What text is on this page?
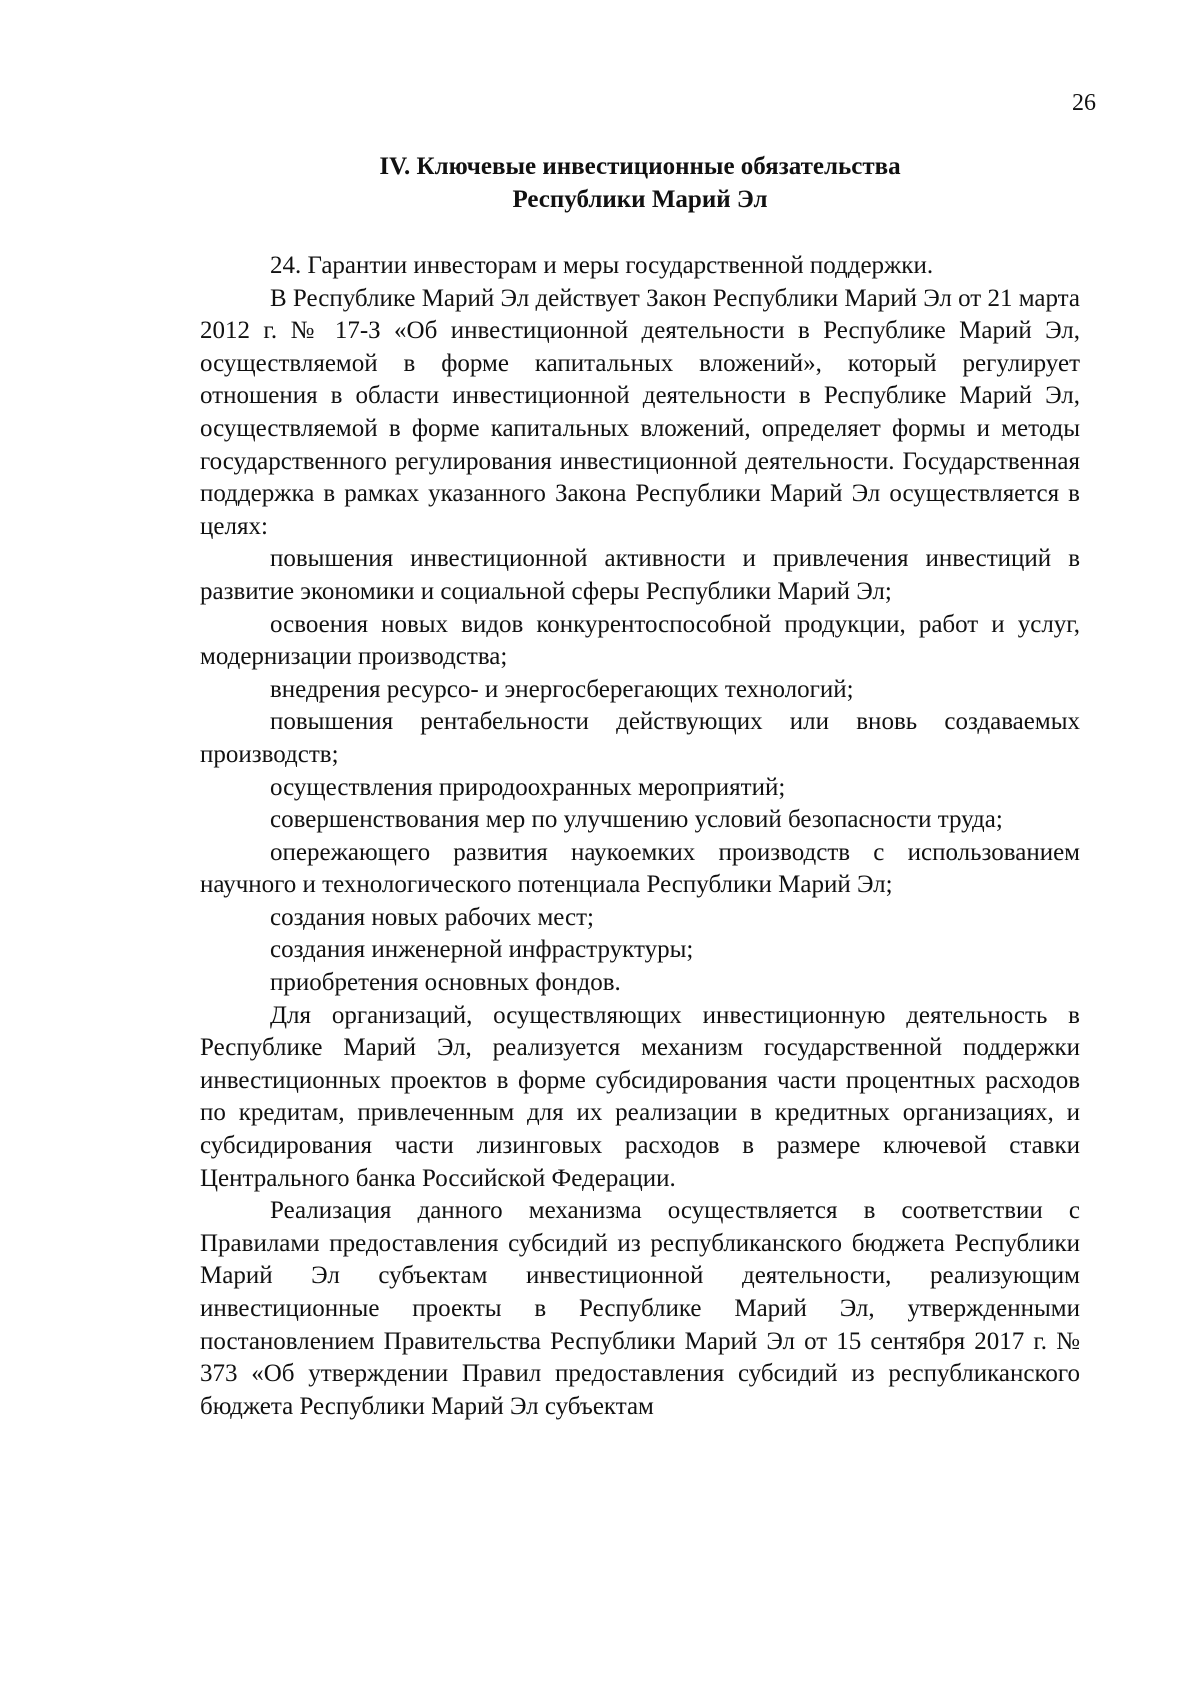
26
IV. Ключевые инвестиционные обязательства
Республики Марий Эл

24. Гарантии инвесторам и меры государственной поддержки.

В Республике Марий Эл действует Закон Республики Марий Эл от 21 марта 2012 г. № 17-З «Об инвестиционной деятельности в Республике Марий Эл, осуществляемой в форме капитальных вложений», который регулирует отношения в области инвестиционной деятельности в Республике Марий Эл, осуществляемой в форме капитальных вложений, определяет формы и методы государственного регулирования инвестиционной деятельности. Государственная поддержка в рамках указанного Закона Республики Марий Эл осуществляется в целях:

повышения инвестиционной активности и привлечения инвестиций в развитие экономики и социальной сферы Республики Марий Эл;

освоения новых видов конкурентоспособной продукции, работ и услуг, модернизации производства;

внедрения ресурсо- и энергосберегающих технологий;

повышения рентабельности действующих или вновь создаваемых производств;

осуществления природоохранных мероприятий;

совершенствования мер по улучшению условий безопасности труда;

опережающего развития наукоемких производств с использованием научного и технологического потенциала Республики Марий Эл;

создания новых рабочих мест;

создания инженерной инфраструктуры;

приобретения основных фондов.

Для организаций, осуществляющих инвестиционную деятельность в Республике Марий Эл, реализуется механизм государственной поддержки инвестиционных проектов в форме субсидирования части процентных расходов по кредитам, привлеченным для их реализации в кредитных организациях, и субсидирования части лизинговых расходов в размере ключевой ставки Центрального банка Российской Федерации.

Реализация данного механизма осуществляется в соответствии с Правилами предоставления субсидий из республиканского бюджета Республики Марий Эл субъектам инвестиционной деятельности, реализующим инвестиционные проекты в Республике Марий Эл, утвержденными постановлением Правительства Республики Марий Эл от 15 сентября 2017 г. № 373 «Об утверждении Правил предоставления субсидий из республиканского бюджета Республики Марий Эл субъектам
